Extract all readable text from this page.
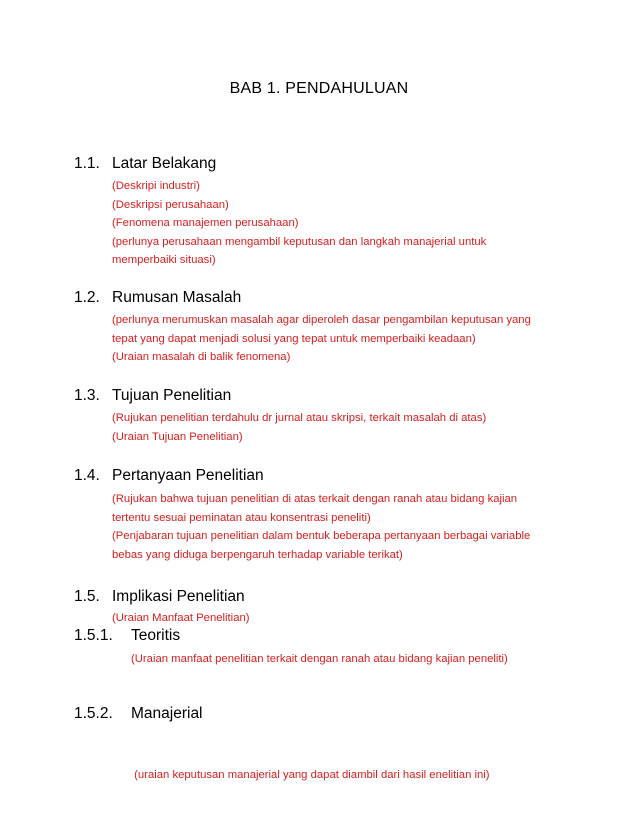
BAB 1. PENDAHULUAN
1.1. Latar Belakang
(Deskripi industri)
(Deskripsi perusahaan)
(Fenomena manajemen perusahaan)
(perlunya perusahaan mengambil keputusan dan langkah manajerial untuk
memperbaiki situasi)
1.2. Rumusan Masalah
(perlunya merumuskan masalah agar diperoleh dasar pengambilan keputusan yang
tepat yang dapat menjadi solusi yang tepat untuk memperbaiki keadaan)
(Uraian masalah di balik fenomena)
1.3. Tujuan Penelitian
(Rujukan penelitian terdahulu dr jurnal atau skripsi, terkait masalah di atas)
(Uraian Tujuan Penelitian)
1.4. Pertanyaan Penelitian
(Rujukan bahwa tujuan penelitian di atas terkait dengan ranah atau bidang kajian
tertentu sesuai peminatan atau konsentrasi peneliti)
(Penjabaran tujuan penelitian dalam bentuk beberapa pertanyaan berbagai variable
bebas yang diduga berpengaruh terhadap variable terikat)
1.5. Implikasi Penelitian
(Uraian Manfaat Penelitian)
1.5.1. Teoritis
(Uraian manfaat penelitian terkait dengan ranah atau bidang kajian peneliti)
1.5.2. Manajerial

(uraian keputusan manajerial yang dapat diambil dari hasil enelitian ini)
